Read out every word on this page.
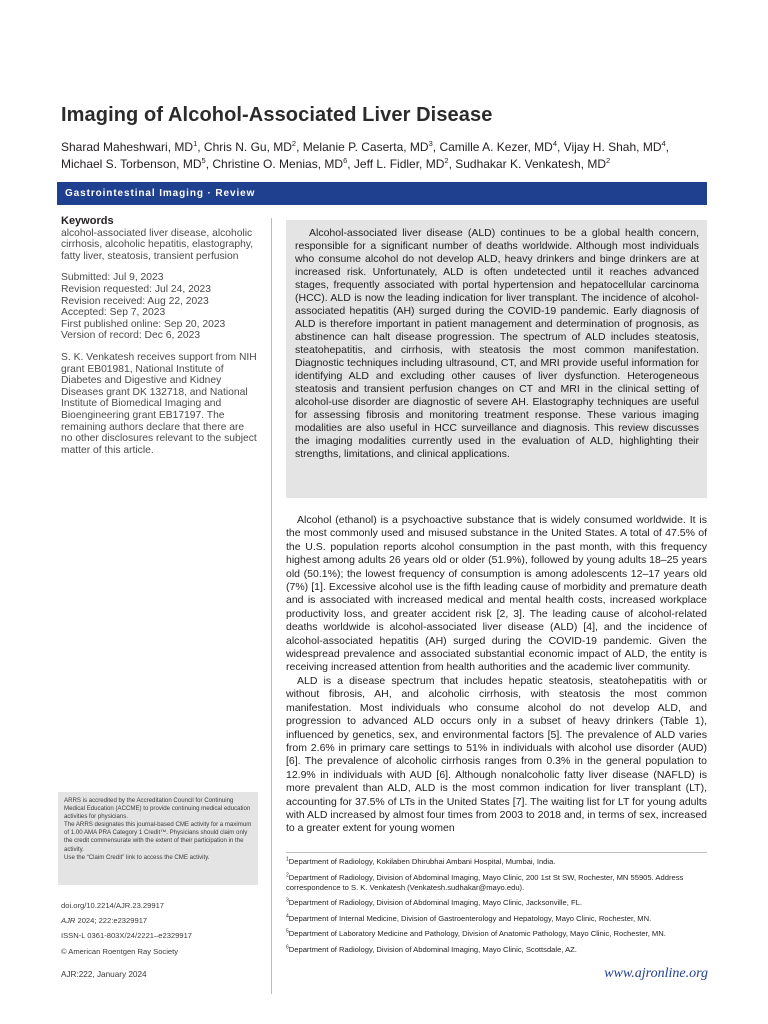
Imaging of Alcohol-Associated Liver Disease

Sharad Maheshwari, $MD^1$, Chris N. Gu, $MD^2$, Melanie P. Caserta, $MD^3$, Camille A. Kezer, $MD^4$, Vijay H. Shah, $MD^4$,
Michael S. Torbenson, $MD^5$, Christine O. Menias, $MD^6$, Jeff L. Fidler, $MD^2$, Sudhakar K. Venkatesh, $MD^2$

Gastrointestinal Imaging · Review

Keywords

alcohol-associated liver disease, alcoholic cirrhosis, alcoholic hepatitis, elastography, fatty liver, steatosis, transient perfusion

Submitted: Jul 9, 2023

Revision requested: Jul 24, 2023

Revision received: Aug 22, 2023

Accepted: Sep 7, 2023

First published online: Sep 20, 2023

Version of record: Dec 6, 2023

S. K. Venkatesh receives support from NIH grant EB01981, National Institute of Diabetes and Digestive and Kidney Diseases grant DK 132718, and National Institute of Biomedical Imaging and Bioengineering grant EB17197. The remaining authors declare that there are no other disclosures relevant to the subject matter of this article.

Alcohol-associated liver disease (ALD) continues to be a global health concern, responsible for a significant number of deaths worldwide. Although most individuals who consume alcohol do not develop ALD, heavy drinkers and binge drinkers are at increased risk. Unfortunately, ALD is often undetected until it reaches advanced stages, frequently associated with portal hypertension and hepatocellular carcinoma (HCC). ALD is now the leading indication for liver transplant. The incidence of alcohol-associated hepatitis (AH) surged during the COVID-19 pandemic. Early diagnosis of ALD is therefore important in patient management and determination of prognosis, as abstinence can halt disease progression. The spectrum of ALD includes steatosis, steatohepatitis, and cirrhosis, with steatosis the most common manifestation. Diagnostic techniques including ultrasound, CT, and MRI provide useful information for identifying ALD and excluding other causes of liver dysfunction. Heterogeneous steatosis and transient perfusion changes on CT and MRI in the clinical setting of alcohol-use disorder are diagnostic of severe AH. Elastography techniques are useful for assessing fibrosis and monitoring treatment response. These various imaging modalities are also useful in HCC surveillance and diagnosis. This review discusses the imaging modalities currently used in the evaluation of ALD, highlighting their strengths, limitations, and clinical applications.

Alcohol (ethanol) is a psychoactive substance that is widely consumed worldwide. It is the most commonly used and misused substance in the United States. A total of 47.5% of the U.S. population reports alcohol consumption in the past month, with this frequency highest among adults 26 years old or older (51.9%), followed by young adults 18–25 years old (50.1%); the lowest frequency of consumption is among adolescents 12–17 years old (7%) [1]. Excessive alcohol use is the fifth leading cause of morbidity and premature death and is associated with increased medical and mental health costs, increased workplace productivity loss, and greater accident risk [2, 3]. The leading cause of alcohol-related deaths worldwide is alcohol-associated liver disease (ALD) [4], and the incidence of alcohol-associated hepatitis (AH) surged during the COVID-19 pandemic. Given the widespread prevalence and associated substantial economic impact of ALD, the entity is receiving increased attention from health authorities and the academic liver community.

ALD is a disease spectrum that includes hepatic steatosis, steatohepatitis with or without fibrosis, AH, and alcoholic cirrhosis, with steatosis the most common manifestation. Most individuals who consume alcohol do not develop ALD, and progression to advanced ALD occurs only in a subset of heavy drinkers (Table 1), influenced by genetics, sex, and environmental factors [5]. The prevalence of ALD varies from 2.6% in primary care settings to 51% in individuals with alcohol use disorder (AUD) [6]. The prevalence of alcoholic cirrhosis ranges from 0.3% in the general population to 12.9% in individuals with AUD [6]. Although nonalcoholic fatty liver disease (NAFLD) is more prevalent than ALD, ALD is the most common indication for liver transplant (LT), accounting for 37.5% of LTs in the United States [7]. The waiting list for LT for young adults with ALD increased by almost four times from 2003 to 2018 and, in terms of sex, increased to a greater extent for young women

$^1$Department of Radiology, Kokilaben Dhirubhai Ambani Hospital, Mumbai, India.

$^2$Department of Radiology, Division of Abdominal Imaging, Mayo Clinic, 200 1st St SW, Rochester, MN 55905. Address correspondence to S. K. Venkatesh (Venkatesh.sudhakar@mayo.edu).

$^3$Department of Radiology, Division of Abdominal Imaging, Mayo Clinic, Jacksonville, FL.

$^4$Department of Internal Medicine, Division of Gastroenterology and Hepatology, Mayo Clinic, Rochester, MN.

$^5$Department of Laboratory Medicine and Pathology, Division of Anatomic Pathology, Mayo Clinic, Rochester, MN.

$^6$Department of Radiology, Division of Abdominal Imaging, Mayo Clinic, Scottsdale, AZ.

ARRS is accredited by the Accreditation Council for Continuing Medical Education (ACCME) to provide continuing medical education activities for physicians.

The ARRS designates this journal-based CME activity for a maximum of 1.00 AMA PRA Category 1 Credit™. Physicians should claim only the credit commensurate with the extent of their participation in the activity.

Use the “Claim Credit” link to access the CME activity.

doi.org/10.2214/AJR.23.29917

AJR 2024; 222:e2329917

ISSN-L 0361-803X/24/2221–e2329917

© American Roentgen Ray Society

AJR:222, January 2024	www.ajronline.org
